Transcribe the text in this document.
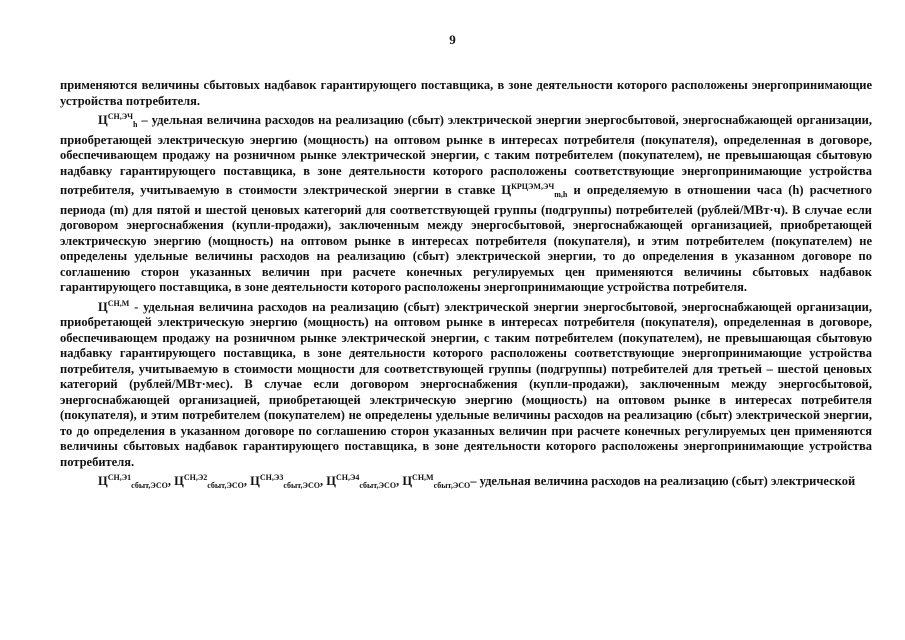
9

применяются величины сбытовых надбавок гарантирующего поставщика, в зоне деятельности которого расположены энергопринимающие устройства потребителя.

$Ц^{СН,ЭЧ}_h$ – удельная величина расходов на реализацию (сбыт) электрической энергии энергосбытовой, энергоснабжающей организации, приобретающей электрическую энергию (мощность) на оптовом рынке в интересах потребителя (покупателя), определенная в договоре, обеспечивающем продажу на розничном рынке электрической энергии, с таким потребителем (покупателем), не превышающая сбытовую надбавку гарантирующего поставщика, в зоне деятельности которого расположены соответствующие энергопринимающие устройства потребителя, учитываемую в стоимости электрической энергии в ставке $Ц^{КРЦЭМ,ЭЧ}_{m,h}$ и определяемую в отношении часа (h) расчетного периода (m) для пятой и шестой ценовых категорий для соответствующей группы (подгруппы) потребителей (рублей/МВт·ч). В случае если договором энергоснабжения (купли-продажи), заключенным между энергосбытовой, энергоснабжающей организацией, приобретающей электрическую энергию (мощность) на оптовом рынке в интересах потребителя (покупателя), и этим потребителем (покупателем) не определены удельные величины расходов на реализацию (сбыт) электрической энергии, то до определения в указанном договоре по соглашению сторон указанных величин при расчете конечных регулируемых цен применяются величины сбытовых надбавок гарантирующего поставщика, в зоне деятельности которого расположены энергопринимающие устройства потребителя.

$Ц^{СН,М}$ - удельная величина расходов на реализацию (сбыт) электрической энергии энергосбытовой, энергоснабжающей организации, приобретающей электрическую энергию (мощность) на оптовом рынке в интересах потребителя (покупателя), определенная в договоре, обеспечивающем продажу на розничном рынке электрической энергии, с таким потребителем (покупателем), не превышающая сбытовую надбавку гарантирующего поставщика, в зоне деятельности которого расположены соответствующие энергопринимающие устройства потребителя, учитываемую в стоимости мощности для соответствующей группы (подгруппы) потребителей для третьей – шестой ценовых категорий (рублей/МВт·мес). В случае если договором энергоснабжения (купли-продажи), заключенным между энергосбытовой, энергоснабжающей организацией, приобретающей электрическую энергию (мощность) на оптовом рынке в интересах потребителя (покупателя), и этим потребителем (покупателем) не определены удельные величины расходов на реализацию (сбыт) электрической энергии, то до определения в указанном договоре по соглашению сторон указанных величин при расчете конечных регулируемых цен применяются величины сбытовых надбавок гарантирующего поставщика, в зоне деятельности которого расположены энергопринимающие устройства потребителя.

$Ц^{СН,Э1}_{сбыт,ЭСО}$, $Ц^{СН,Э2}_{сбыт,ЭСО}$, $Ц^{СН,Э3}_{сбыт,ЭСО}$, $Ц^{СН,Э4}_{сбыт,ЭСО}$, $Ц^{СН,М}_{сбыт,ЭСО}-$ удельная величина расходов на реализацию (сбыт) электрической
